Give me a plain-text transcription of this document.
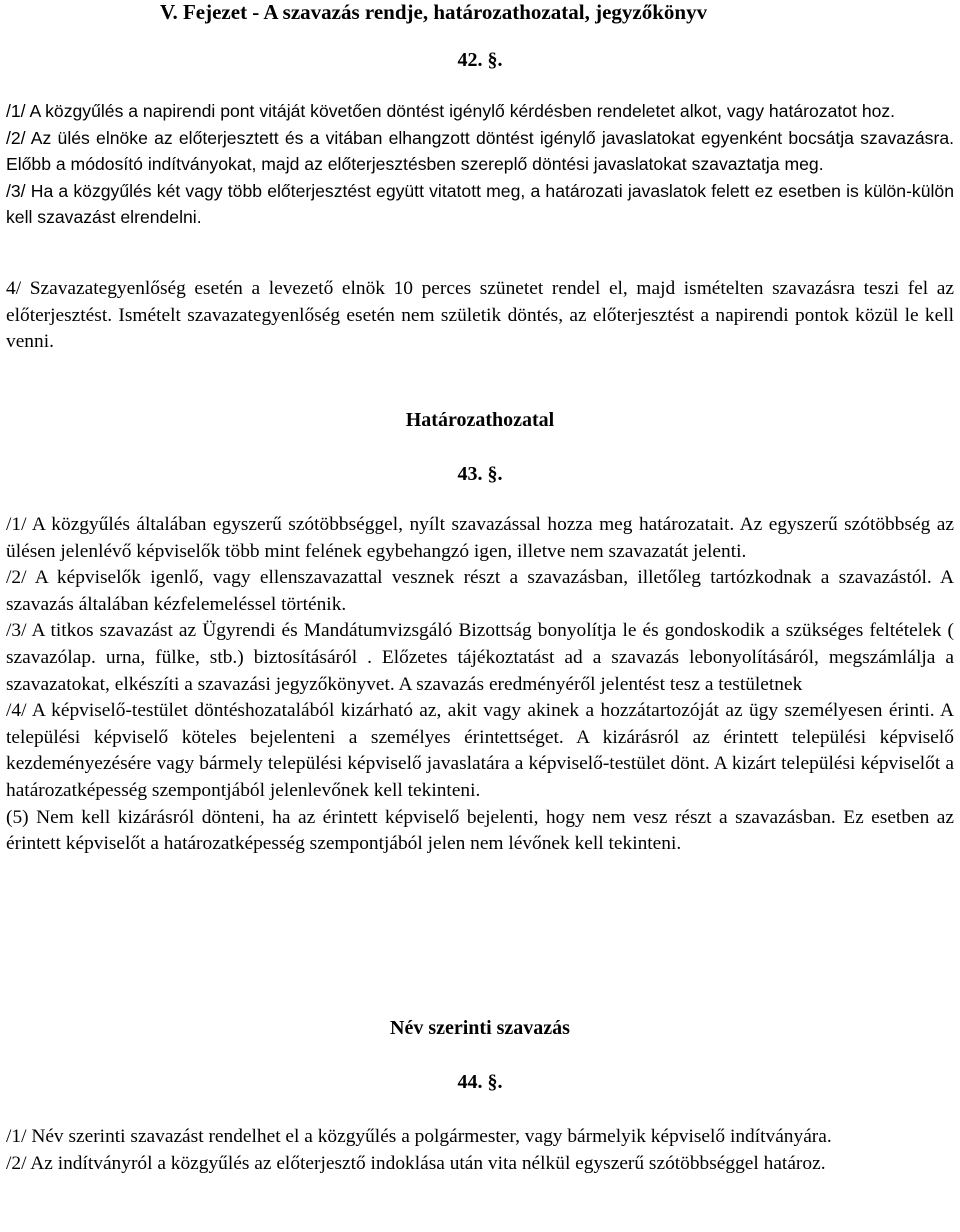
V. Fejezet - A szavazás rendje, határozathozatal, jegyzőkönyv
42. §.

/1/ A közgyűlés a napirendi pont vitáját követően döntést igénylő kérdésben rendeletet alkot, vagy határozatot hoz.

/2/ Az ülés elnöke az előterjesztett és a vitában elhangzott döntést igénylő javaslatokat egyenként bocsátja szavazásra. Előbb a módosító indítványokat, majd az előterjesztésben szereplő döntési javaslatokat szavaztatja meg.

/3/ Ha a közgyűlés két vagy több előterjesztést együtt vitatott meg, a határozati javaslatok felett ez esetben is külön-külön kell szavazást elrendelni.

4/ Szavazategyenlőség esetén a levezető elnök 10 perces szünetet rendel el, majd ismételten szavazásra teszi fel az előterjesztést. Ismételt szavazategyenlőség esetén nem születik döntés, az előterjesztést a napirendi pontok közül le kell venni.

Határozathozatal
43. §.

/1/ A közgyűlés általában egyszerű szótöbbséggel, nyílt szavazással hozza meg határozatait. Az egyszerű szótöbbség az ülésen jelenlévő képviselők több mint felének egybehangzó igen, illetve nem szavazatát jelenti.

/2/ A képviselők igenlő, vagy ellenszavazattal vesznek részt a szavazásban, illetőleg tartózkodnak a szavazástól. A szavazás általában kézfelemeléssel történik.

/3/ A titkos szavazást az Ügyrendi és Mandátumvizsgáló Bizottság bonyolítja le és gondoskodik a szükséges feltételek ( szavazólap. urna, fülke, stb.) biztosításáról . Előzetes tájékoztatást ad a szavazás lebonyolításáról, megszámlálja a szavazatokat, elkészíti a szavazási jegyzőkönyvet. A szavazás eredményéről jelentést tesz a testületnek

/4/ A képviselő-testület döntéshozatalából kizárható az, akit vagy akinek a hozzátartozóját az ügy személyesen érinti. A települési képviselő köteles bejelenteni a személyes érintettséget. A kizárásról az érintett települési képviselő kezdeményezésére vagy bármely települési képviselő javaslatára a képviselő-testület dönt. A kizárt települési képviselőt a határozatképesség szempontjából jelenlevőnek kell tekinteni.

(5) Nem kell kizárásról dönteni, ha az érintett képviselő bejelenti, hogy nem vesz részt a szavazásban. Ez esetben az érintett képviselőt a határozatképesség szempontjából jelen nem lévőnek kell tekinteni.

Név szerinti szavazás
44. §.

/1/ Név szerinti szavazást rendelhet el a közgyűlés a polgármester, vagy bármelyik képviselő indítványára.

/2/ Az indítványról a közgyűlés az előterjesztő indoklása után vita nélkül egyszerű szótöbbséggel határoz.
